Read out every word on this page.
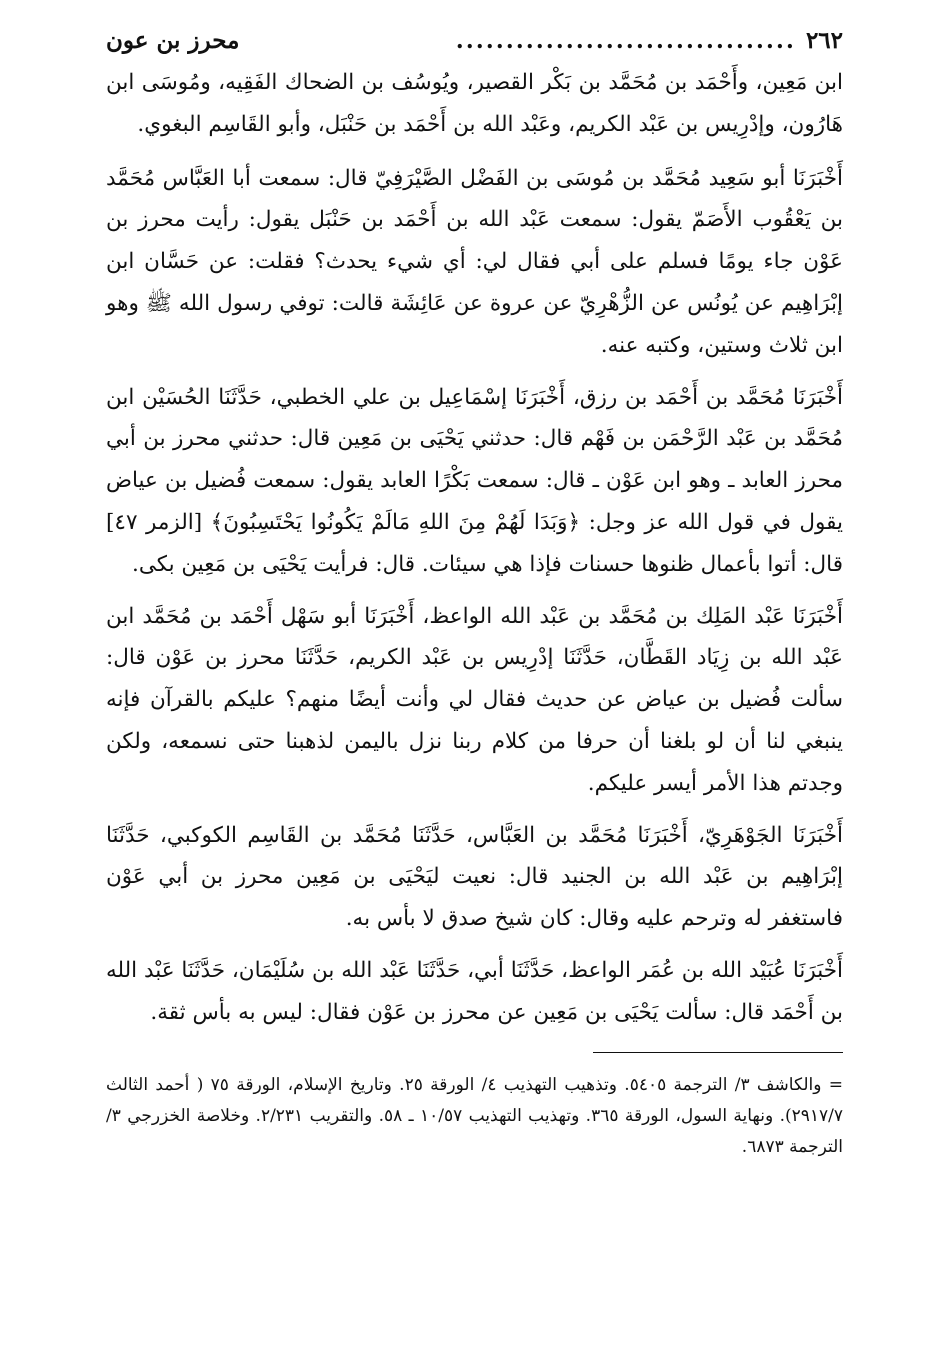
٢٦٢
..................................
محرز بن عون

ابن مَعِين، وأَحْمَد بن مُحَمَّد بن بَكْر القصير، ويُوسُف بن الضحاك الفَقِيه، ومُوسَى ابن هَارُون، وإدْرِيس بن عَبْد الكريم، وعَبْد الله بن أَحْمَد بن حَنْبَل، وأبو القَاسِم البغوي.

أَخْبَرَنَا أبو سَعِيد مُحَمَّد بن مُوسَى بن الفَضْل الصَّيْرَفِيّ قال: سمعت أبا العَبَّاس مُحَمَّد بن يَعْقُوب الأَصَمّ يقول: سمعت عَبْد الله بن أَحْمَد بن حَنْبَل يقول: رأيت محرز بن عَوْن جاء يومًا فسلم على أبي فقال لي: أي شيء يحدث؟ فقلت: عن حَسَّان ابن إبْرَاهِيم عن يُونُس عن الزُّهْرِيّ عن عروة عن عَائِشَة قالت: توفي رسول الله ﷺ وهو ابن ثلاث وستين، وكتبه عنه.

أَخْبَرَنَا مُحَمَّد بن أَحْمَد بن رزق، أَخْبَرَنَا إسْمَاعِيل بن علي الخطبي، حَدَّثَنَا الحُسَيْن ابن مُحَمَّد بن عَبْد الرَّحْمَن بن فَهْم قال: حدثني يَحْيَى بن مَعِين قال: حدثني محرز بن أبي محرز العابد ـ وهو ابن عَوْن ـ قال: سمعت بَكْرًا العابد يقول: سمعت فُضيل بن عياض يقول في قول الله عز وجل: ﴿وَبَدَا لَهُمْ مِنَ اللهِ مَالَمْ يَكُونُوا يَحْتَسِبُونَ﴾ [الزمر ٤٧] قال: أتوا بأعمال ظنوها حسنات فإذا هي سيئات. قال: فرأيت يَحْيَى بن مَعِين بكى.

أَخْبَرَنَا عَبْد المَلِك بن مُحَمَّد بن عَبْد الله الواعظ، أَخْبَرَنَا أبو سَهْل أَحْمَد بن مُحَمَّد ابن عَبْد الله بن زِيَاد القَطَّان، حَدَّثَنَا إدْرِيس بن عَبْد الكريم، حَدَّثَنَا محرز بن عَوْن قال: سألت فُضيل بن عياض عن حديث فقال لي وأنت أيضًا منهم؟ عليكم بالقرآن فإنه ينبغي لنا أن لو بلغنا أن حرفا من كلام ربنا نزل باليمن لذهبنا حتى نسمعه، ولكن وجدتم هذا الأمر أيسر عليكم.

أَخْبَرَنَا الجَوْهَرِيّ، أَخْبَرَنَا مُحَمَّد بن العَبَّاس، حَدَّثَنَا مُحَمَّد بن القَاسِم الكوكبي، حَدَّثَنَا إبْرَاهِيم بن عَبْد الله بن الجنيد قال: نعيت ليَحْيَى بن مَعِين محرز بن أبي عَوْن فاستغفر له وترحم عليه وقال: كان شيخ صدق لا بأس به.

أَخْبَرَنَا عُبَيْد الله بن عُمَر الواعظ، حَدَّثَنَا أبي، حَدَّثَنَا عَبْد الله بن سُلَيْمَان، حَدَّثَنَا عَبْد الله بن أَحْمَد قال: سألت يَحْيَى بن مَعِين عن محرز بن عَوْن فقال: ليس به بأس ثقة.

= والكاشف ٣/ الترجمة ٥٤٠٥. وتذهيب التهذيب ٤/ الورقة ٢٥. وتاريخ الإسلام، الورقة ٧٥ ( أحمد الثالث ٢٩١٧/٧). ونهاية السول، الورقة ٣٦٥. وتهذيب التهذيب ١٠/٥٧ ـ ٥٨. والتقريب ٢/٢٣١. وخلاصة الخزرجي ٣/ الترجمة ٦٨٧٣.
